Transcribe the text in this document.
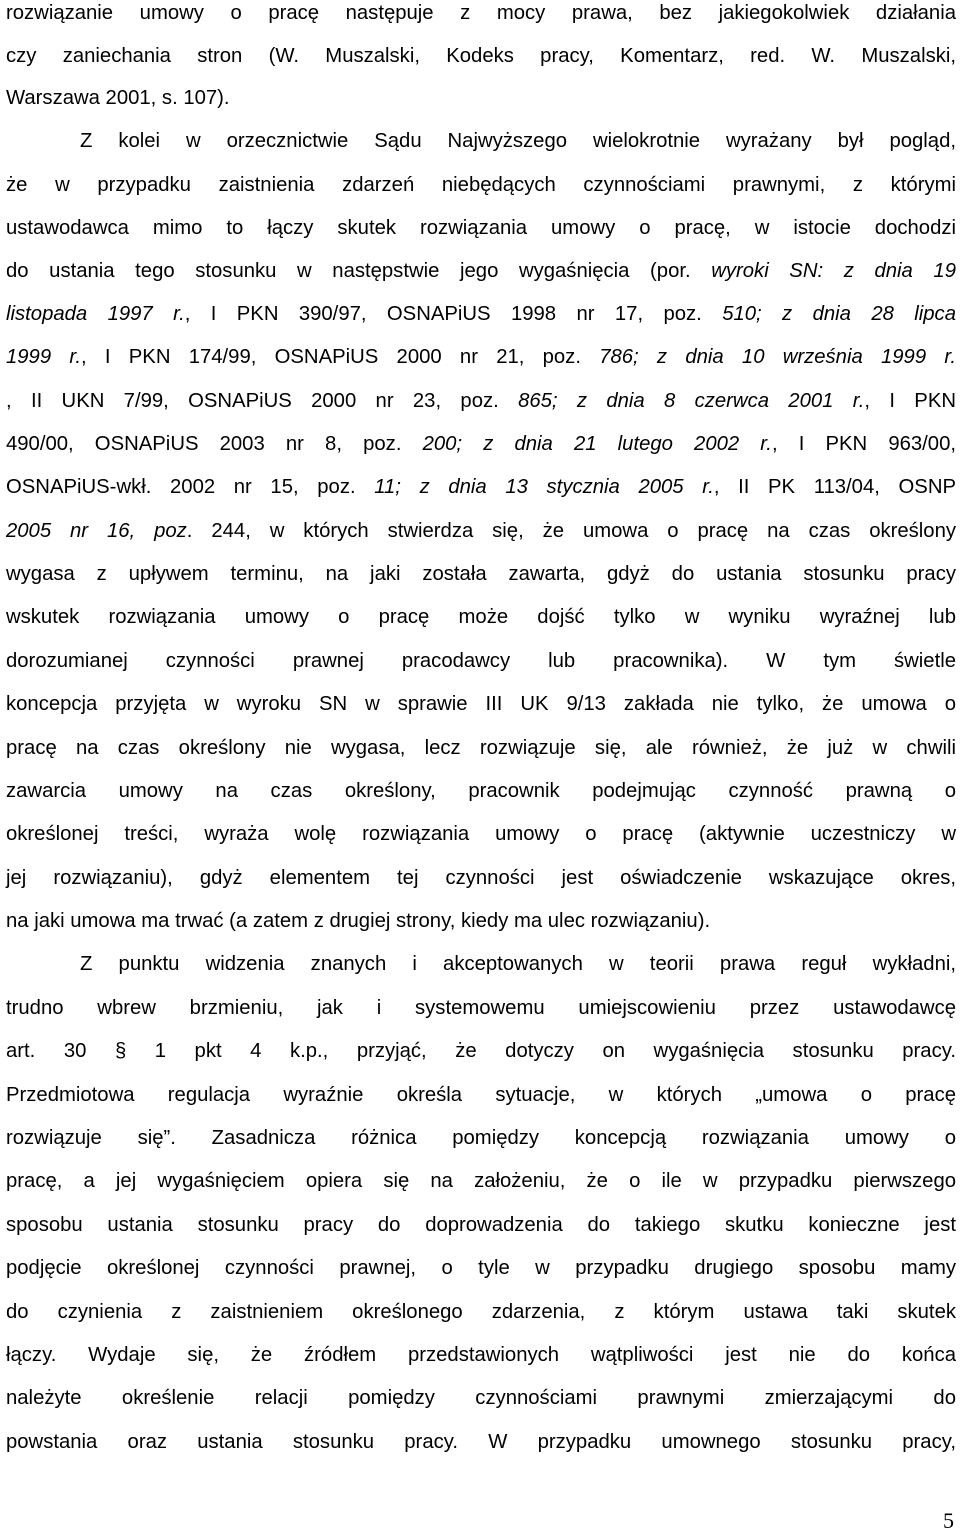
rozwiązanie umowy o pracę następuje z mocy prawa, bez jakiegokolwiek działania
czy zaniechania stron (W. Muszalski, Kodeks pracy, Komentarz, red. W. Muszalski,
Warszawa 2001, s. 107).
Z kolei w orzecznictwie Sądu Najwyższego wielokrotnie wyrażany był pogląd,
że w przypadku zaistnienia zdarzeń niebędących czynnościami prawnymi, z którymi
ustawodawca mimo to łączy skutek rozwiązania umowy o pracę, w istocie dochodzi
do ustania tego stosunku w następstwie jego wygaśnięcia (por. wyroki SN: z dnia 19
listopada 1997 r., I PKN 390/97, OSNAPiUS 1998 nr 17, poz. 510; z dnia 28 lipca
1999 r., I PKN 174/99, OSNAPiUS 2000 nr 21, poz. 786; z dnia 10 września 1999 r.
, II UKN 7/99, OSNAPiUS 2000 nr 23, poz. 865; z dnia 8 czerwca 2001 r., I PKN
490/00, OSNAPiUS 2003 nr 8, poz. 200; z dnia 21 lutego 2002 r., I PKN 963/00,
OSNAPiUS-wkł. 2002 nr 15, poz. 11; z dnia 13 stycznia 2005 r., II PK 113/04, OSNP
2005 nr 16, poz. 244, w których stwierdza się, że umowa o pracę na czas określony
wygasa z upływem terminu, na jaki została zawarta, gdyż do ustania stosunku pracy
wskutek rozwiązania umowy o pracę może dojść tylko w wyniku wyraźnej lub
dorozumianej czynności prawnej pracodawcy lub pracownika). W tym świetle
koncepcja przyjęta w wyroku SN w sprawie III UK 9/13 zakłada nie tylko, że umowa o
pracę na czas określony nie wygasa, lecz rozwiązuje się, ale również, że już w chwili
zawarcia umowy na czas określony, pracownik podejmując czynność prawną o
określonej treści, wyraża wolę rozwiązania umowy o pracę (aktywnie uczestniczy w
jej rozwiązaniu), gdyż elementem tej czynności jest oświadczenie wskazujące okres,
na jaki umowa ma trwać (a zatem z drugiej strony, kiedy ma ulec rozwiązaniu).
Z punktu widzenia znanych i akceptowanych w teorii prawa reguł wykładni,
trudno wbrew brzmieniu, jak i systemowemu umiejscowieniu przez ustawodawcę
art. 30 § 1 pkt 4 k.p., przyjąć, że dotyczy on wygaśnięcia stosunku pracy.
Przedmiotowa regulacja wyraźnie określa sytuacje, w których „umowa o pracę
rozwiązuje się”. Zasadnicza różnica pomiędzy koncepcją rozwiązania umowy o
pracę, a jej wygaśnięciem opiera się na założeniu, że o ile w przypadku pierwszego
sposobu ustania stosunku pracy do doprowadzenia do takiego skutku konieczne jest
podjęcie określonej czynności prawnej, o tyle w przypadku drugiego sposobu mamy
do czynienia z zaistnieniem określonego zdarzenia, z którym ustawa taki skutek
łączy. Wydaje się, że źródłem przedstawionych wątpliwości jest nie do końca
należyte określenie relacji pomiędzy czynnościami prawnymi zmierzającymi do
powstania oraz ustania stosunku pracy. W przypadku umownego stosunku pracy,
5
